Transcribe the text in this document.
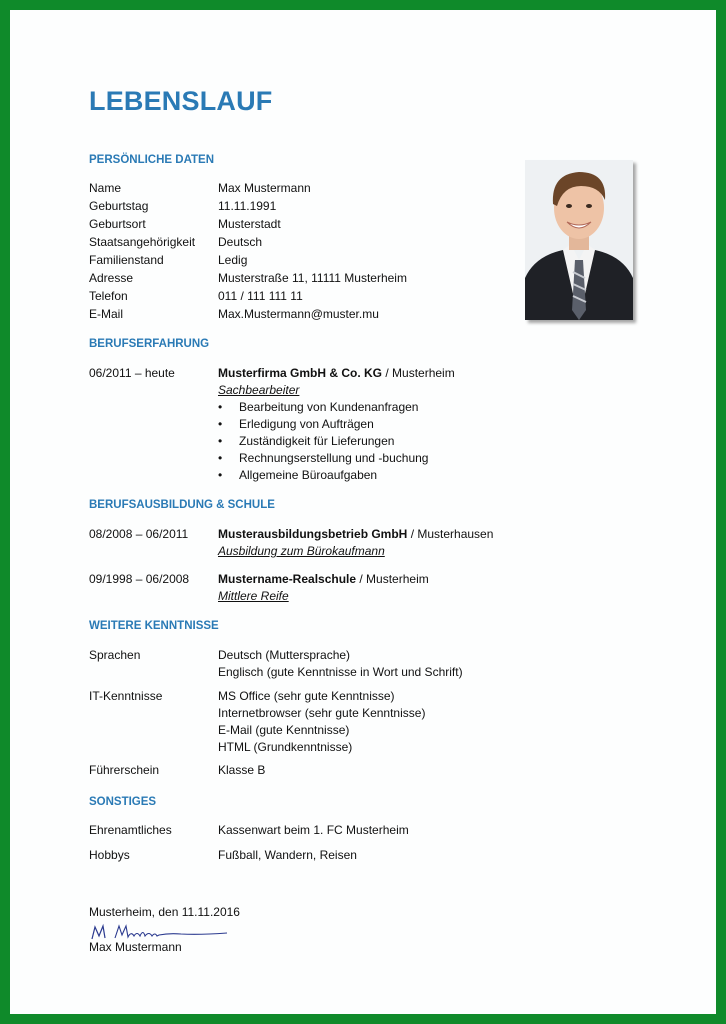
LEBENSLAUF
PERSÖNLICHE DATEN
Name	Max Mustermann
Geburtstag	11.11.1991
Geburtsort	Musterstadt
Staatsangehörigkeit	Deutsch
Familienstand	Ledig
Adresse	Musterstraße 11, 11111 Musterheim
Telefon	011 / 111 111 11
E-Mail	Max.Mustermann@muster.mu
BERUFSERFAHRUNG
06/2011 – heute	Musterfirma GmbH & Co. KG / Musterheim
Sachbearbeiter
• Bearbeitung von Kundenanfragen
• Erledigung von Aufträgen
• Zuständigkeit für Lieferungen
• Rechnungserstellung und -buchung
• Allgemeine Büroaufgaben
BERUFSAUSBILDUNG & SCHULE
08/2008 – 06/2011	Musterausbildungsbetrieb GmbH / Musterhausen
Ausbildung zum Bürokaufmann
09/1998 – 06/2008	Mustername-Realschule / Musterheim
Mittlere Reife
WEITERE KENNTNISSE
Sprachen	Deutsch (Muttersprache)
Englisch (gute Kenntnisse in Wort und Schrift)
IT-Kenntnisse	MS Office (sehr gute Kenntnisse)
Internetbrowser (sehr gute Kenntnisse)
E-Mail (gute Kenntnisse)
HTML (Grundkenntnisse)
Führerschein	Klasse B
SONSTIGES
Ehrenamtliches	Kassenwart beim 1. FC Musterheim
Hobbys	Fußball, Wandern, Reisen
Musterheim, den 11.11.2016
Max Mustermann
